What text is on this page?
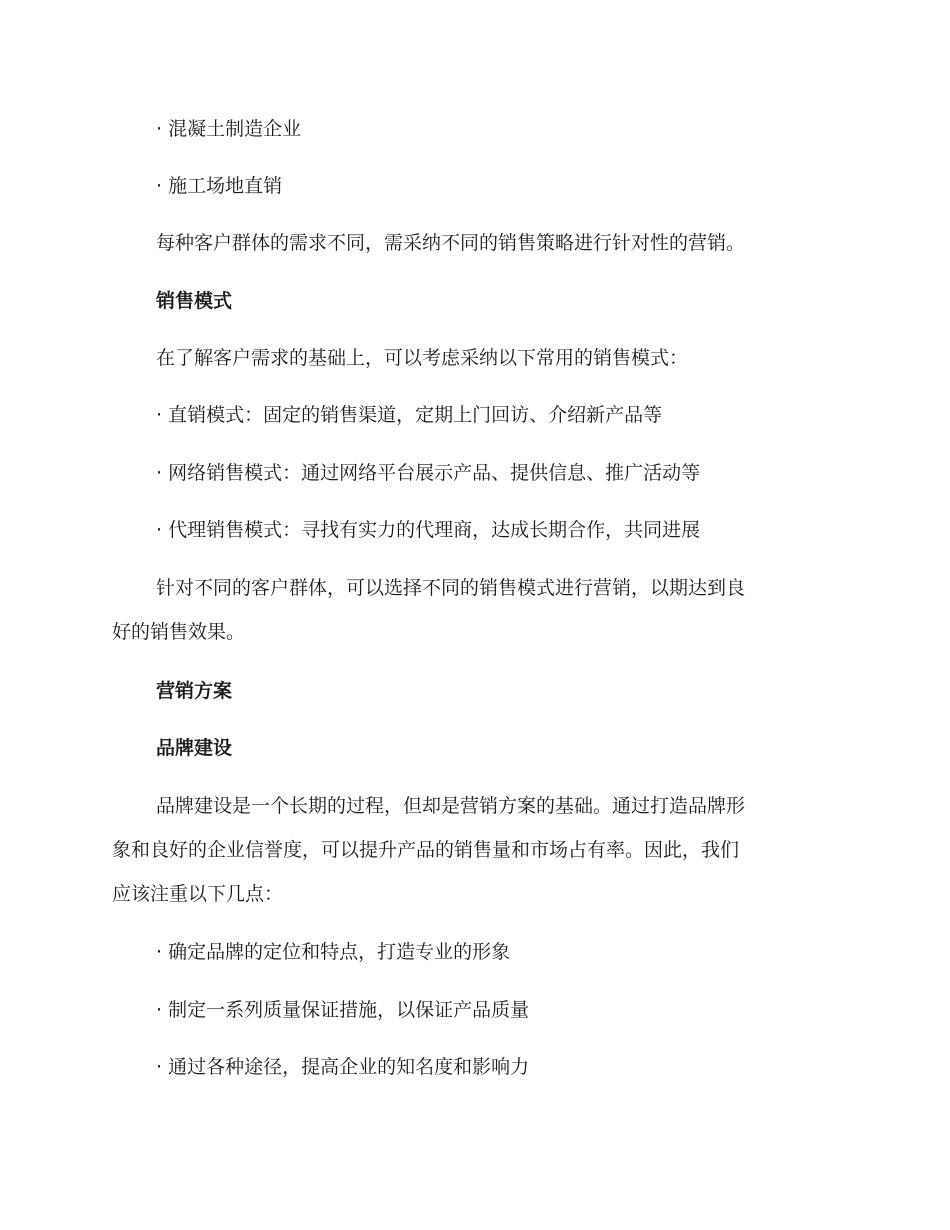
· 混凝土制造企业
· 施工场地直销
每种客户群体的需求不同，需采纳不同的销售策略进行针对性的营销。
销售模式
在了解客户需求的基础上，可以考虑采纳以下常用的销售模式：
· 直销模式：固定的销售渠道，定期上门回访、介绍新产品等
· 网络销售模式：通过网络平台展示产品、提供信息、推广活动等
· 代理销售模式：寻找有实力的代理商，达成长期合作，共同进展
针对不同的客户群体，可以选择不同的销售模式进行营销，以期达到良
好的销售效果。
营销方案
品牌建设
品牌建设是一个长期的过程，但却是营销方案的基础。通过打造品牌形
象和良好的企业信誉度，可以提升产品的销售量和市场占有率。因此，我们
应该注重以下几点：
· 确定品牌的定位和特点，打造专业的形象
· 制定一系列质量保证措施，以保证产品质量
· 通过各种途径，提高企业的知名度和影响力
